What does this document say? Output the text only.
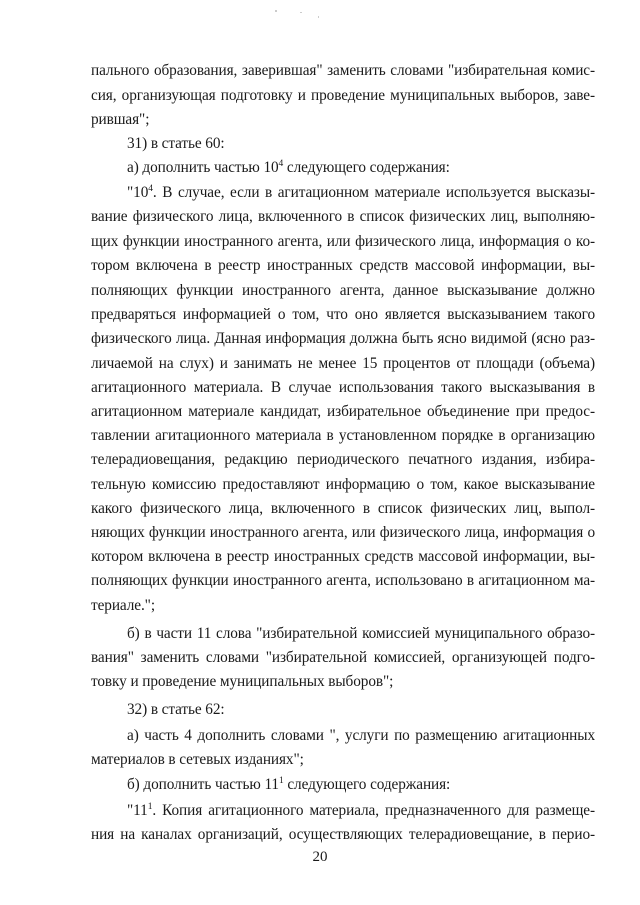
пального образования, заверившая" заменить словами "избирательная комис-
сия, организующая подготовку и проведение муниципальных выборов, заве-
рившая";
31) в статье 60:
а) дополнить частью $10^4$ следующего содержания:
"$10^4$. В случае, если в агитационном материале используется высказы-
вание физического лица, включенного в список физических лиц, выполняю-
щих функции иностранного агента, или физического лица, информация о ко-
тором включена в реестр иностранных средств массовой информации, вы-
полняющих функции иностранного агента, данное высказывание должно
предваряться информацией о том, что оно является высказыванием такого
физического лица. Данная информация должна быть ясно видимой (ясно раз-
личаемой на слух) и занимать не менее 15 процентов от площади (объема)
агитационного материала. В случае использования такого высказывания в
агитационном материале кандидат, избирательное объединение при предос-
тавлении агитационного материала в установленном порядке в организацию
телерадиовещания, редакцию периодического печатного издания, избира-
тельную комиссию предоставляют информацию о том, какое высказывание
какого физического лица, включенного в список физических лиц, выпол-
няющих функции иностранного агента, или физического лица, информация о
котором включена в реестр иностранных средств массовой информации, вы-
полняющих функции иностранного агента, использовано в агитационном ма-
териале.";
б) в части 11 слова "избирательной комиссией муниципального образо-
вания" заменить словами "избирательной комиссией, организующей подго-
товку и проведение муниципальных выборов";
32) в статье 62:
а) часть 4 дополнить словами ", услуги по размещению агитационных
материалов в сетевых изданиях";
б) дополнить частью $11^1$ следующего содержания:
"$11^1$. Копия агитационного материала, предназначенного для размеще-
ния на каналах организаций, осуществляющих телерадиовещание, в перио-
20
